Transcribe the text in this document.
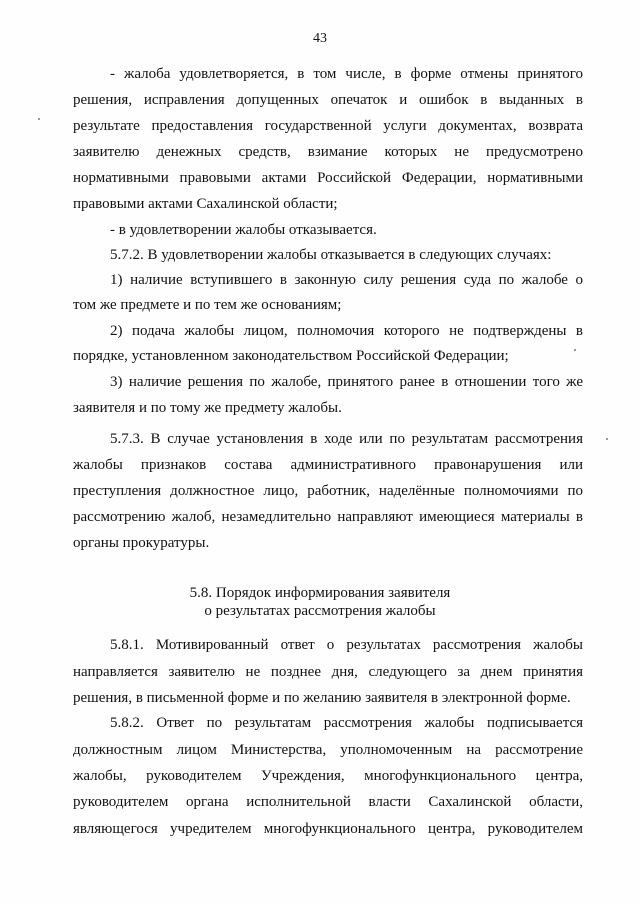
43
- жалоба удовлетворяется, в том числе, в форме отмены принятого
решения, исправления допущенных опечаток и ошибок в выданных в
результате предоставления государственной услуги документах, возврата
заявителю денежных средств, взимание которых не предусмотрено
нормативными правовыми актами Российской Федерации, нормативными
правовыми актами Сахалинской области;
- в удовлетворении жалобы отказывается.
5.7.2. В удовлетворении жалобы отказывается в следующих случаях:
1) наличие вступившего в законную силу решения суда по жалобе о
том же предмете и по тем же основаниям;
2) подача жалобы лицом, полномочия которого не подтверждены в
порядке, установленном законодательством Российской Федерации;
3) наличие решения по жалобе, принятого ранее в отношении того же
заявителя и по тому же предмету жалобы.
5.7.3. В случае установления в ходе или по результатам рассмотрения
жалобы признаков состава административного правонарушения или
преступления должностное лицо, работник, наделённые полномочиями по
рассмотрению жалоб, незамедлительно направляют имеющиеся материалы в
органы прокуратуры.
5.8. Порядок информирования заявителя
о результатах рассмотрения жалобы
5.8.1. Мотивированный ответ о результатах рассмотрения жалобы
направляется заявителю не позднее дня, следующего за днем принятия
решения, в письменной форме и по желанию заявителя в электронной форме.
5.8.2. Ответ по результатам рассмотрения жалобы подписывается
должностным лицом Министерства, уполномоченным на рассмотрение
жалобы, руководителем Учреждения, многофункционального центра,
руководителем органа исполнительной власти Сахалинской области,
являющегося учредителем многофункционального центра, руководителем
